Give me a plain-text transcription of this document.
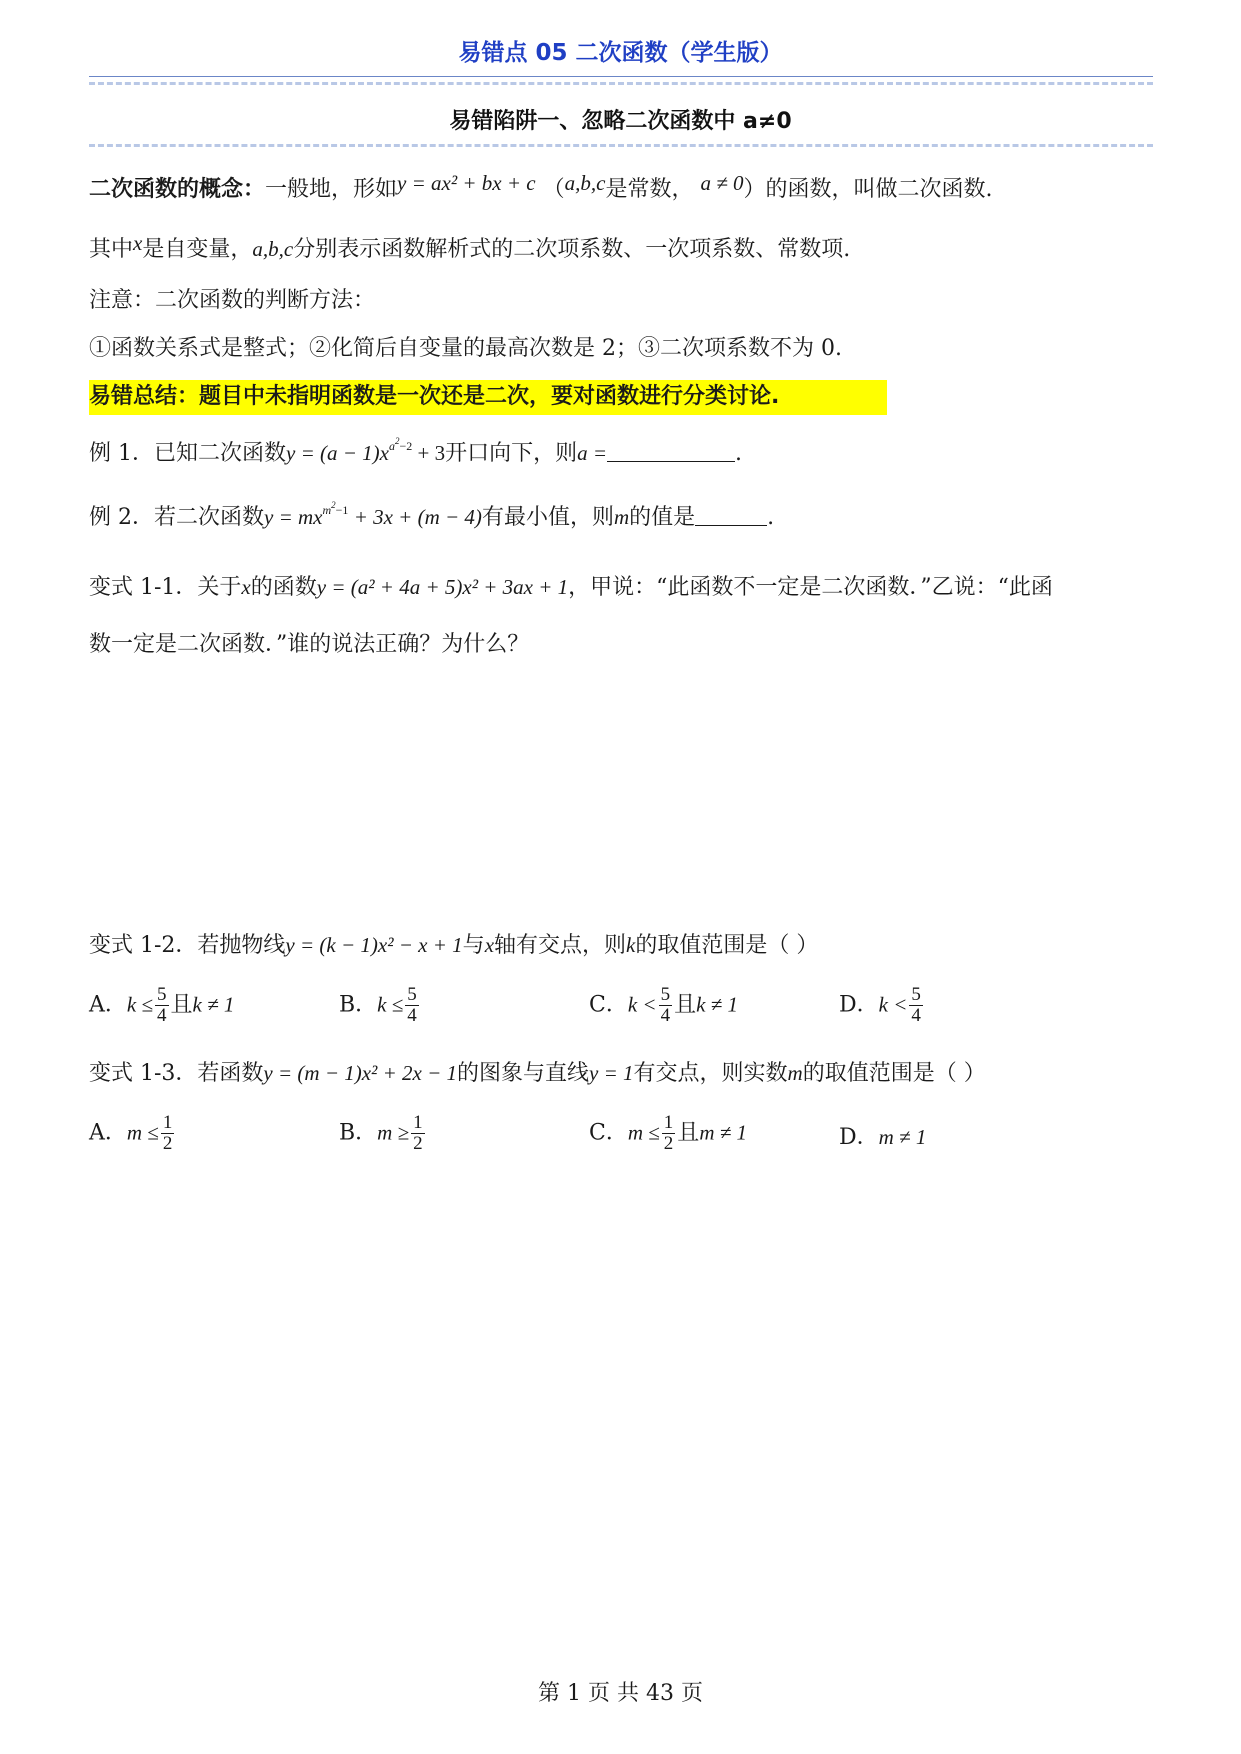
易错点 05 二次函数（学生版）
易错陷阱一、忽略二次函数中 a≠0
二次函数的概念：一般地，形如y = ax² + bx + c （a,b,c是常数， a ≠ 0）的函数，叫做二次函数.
其中x是自变量，a,b,c分别表示函数解析式的二次项系数、一次项系数、常数项.
注意：二次函数的判断方法：
①函数关系式是整式；②化简后自变量的最高次数是 2；③二次项系数不为 0.
易错总结：题目中未指明函数是一次还是二次，要对函数进行分类讨论.
例 1．已知二次函数$y = (a - 1)x^{a^2-2} + 3$开口向下，则a =	.
例 2．若二次函数$y = mx^{m^2-1} + 3x + (m - 4)$有最小值，则m的值是	.
变式 1-1．关于x的函数y = (a² + 4a + 5)x² + 3ax + 1，甲说：“此函数不一定是二次函数．”乙说：“此函
数一定是二次函数．”谁的说法正确？为什么？
变式 1-2．若抛物线y = (k − 1)x² − x + 1与x轴有交点，则k的取值范围是（ ）
A．$k \le \frac{5}{4}$ 且k ≠ 1	B．$k \le \frac{5}{4}$	C．$k < \frac{5}{4}$ 且k ≠ 1	D．$k < \frac{5}{4}$
变式 1-3．若函数y = (m − 1)x² + 2x − 1的图象与直线y = 1有交点，则实数m的取值范围是（ ）
A．$m \le \frac{1}{2}$	B．$m \ge \frac{1}{2}$	C．$m \le \frac{1}{2}$ 且m ≠ 1	D．m ≠ 1
第 1 页 共 43 页
